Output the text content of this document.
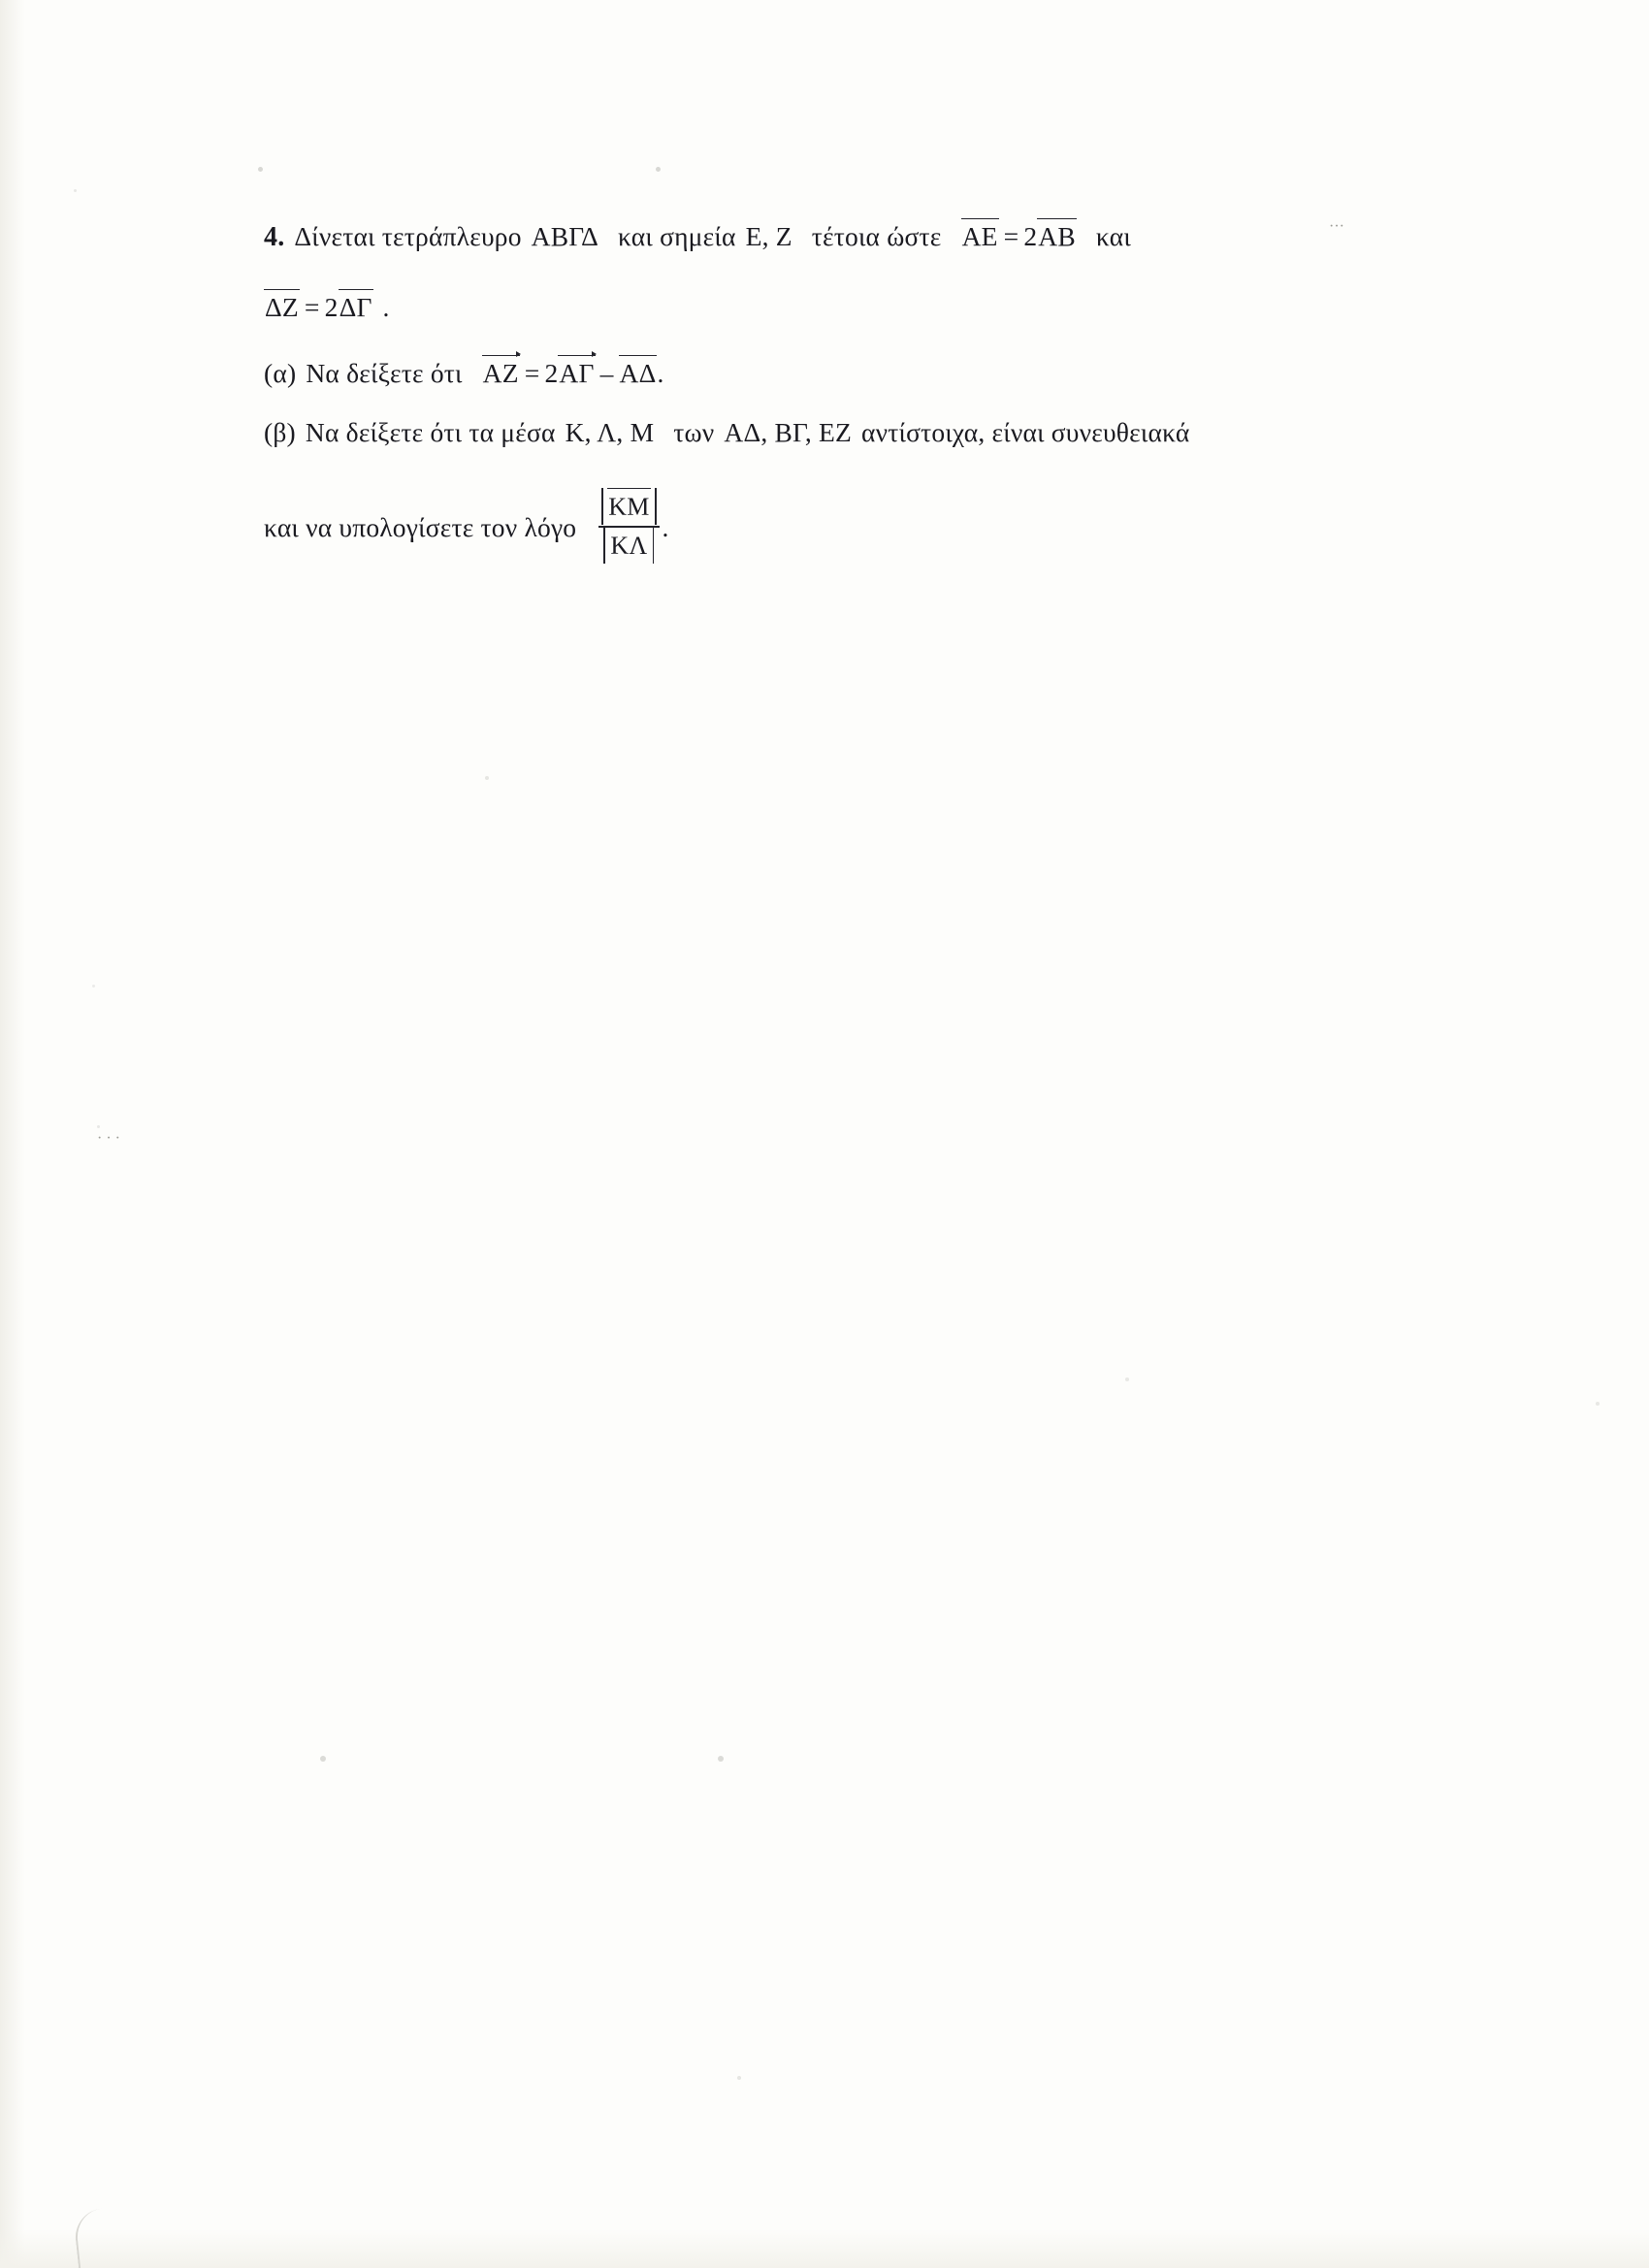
···
· · ·
4. Δίνεται τετράπλευρο ΑΒΓΔ και σημεία Ε, Ζ τέτοια ώστε ΑΕ = 2ΑΒ και
ΔΖ = 2ΔΓ .
(α) Να δείξετε ότι ΑΖ = 2ΑΓ – ΑΔ.
(β) Να δείξετε ότι τα μέσα Κ, Λ, Μ των ΑΔ, ΒΓ, ΕΖ αντίστοιχα, είναι συνευθειακά
και να υπολογίσετε τον λόγο $\frac{KM}{K\Lambda}$ .
